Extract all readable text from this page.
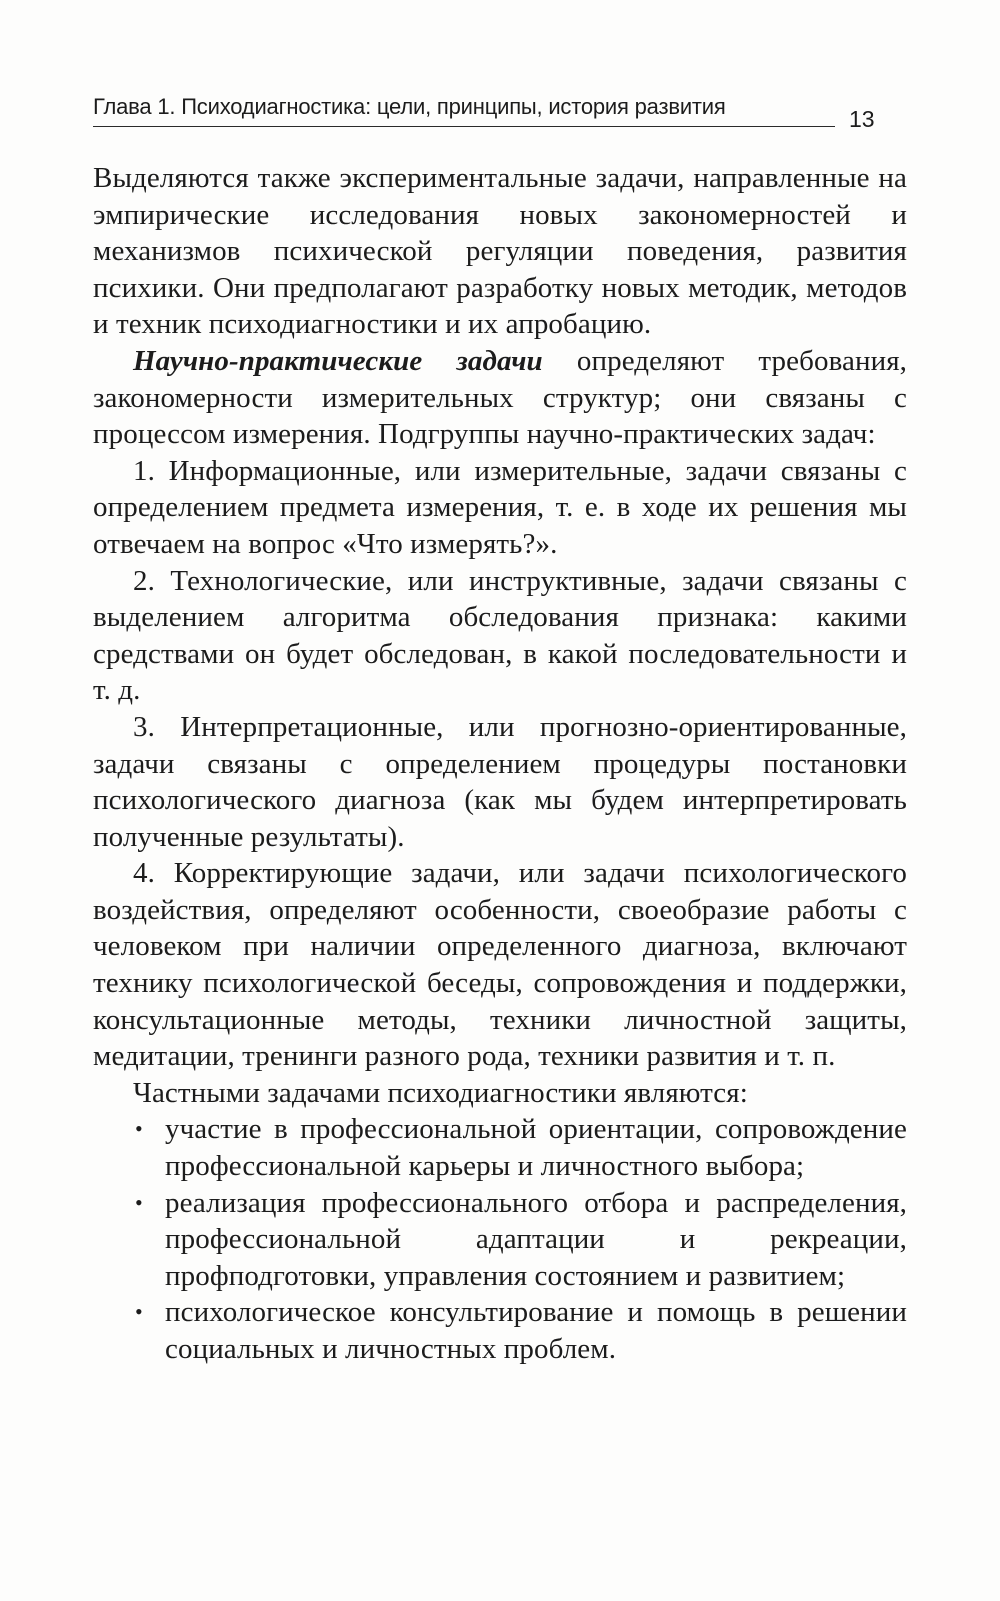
Глава 1. Психодиагностика: цели, принципы, история развития	13

Выделяются также экспериментальные задачи, направленные на эмпирические исследования новых закономерностей и механизмов психической регуляции поведения, развития психики. Они предполагают разработку новых методик, методов и техник психодиагностики и их апробацию.

Научно-практические задачи определяют требования, закономерности измерительных структур; они связаны с процессом измерения. Подгруппы научно-практических задач:

1. Информационные, или измерительные, задачи связаны с определением предмета измерения, т. е. в ходе их решения мы отвечаем на вопрос «Что измерять?».

2. Технологические, или инструктивные, задачи связаны с выделением алгоритма обследования признака: какими средствами он будет обследован, в какой последовательности и т. д.

3. Интерпретационные, или прогнозно-ориентированные, задачи связаны с определением процедуры постановки психологического диагноза (как мы будем интерпретировать полученные результаты).

4. Корректирующие задачи, или задачи психологического воздействия, определяют особенности, своеобразие работы с человеком при наличии определенного диагноза, включают технику психологической беседы, сопровождения и поддержки, консультационные методы, техники личностной защиты, медитации, тренинги разного рода, техники развития и т. п.

Частными задачами психодиагностики являются:

• участие в профессиональной ориентации, сопровождение профессиональной карьеры и личностного выбора;
• реализация профессионального отбора и распределения, профессиональной адаптации и рекреации, профподготовки, управления состоянием и развитием;
• психологическое консультирование и помощь в решении социальных и личностных проблем.
